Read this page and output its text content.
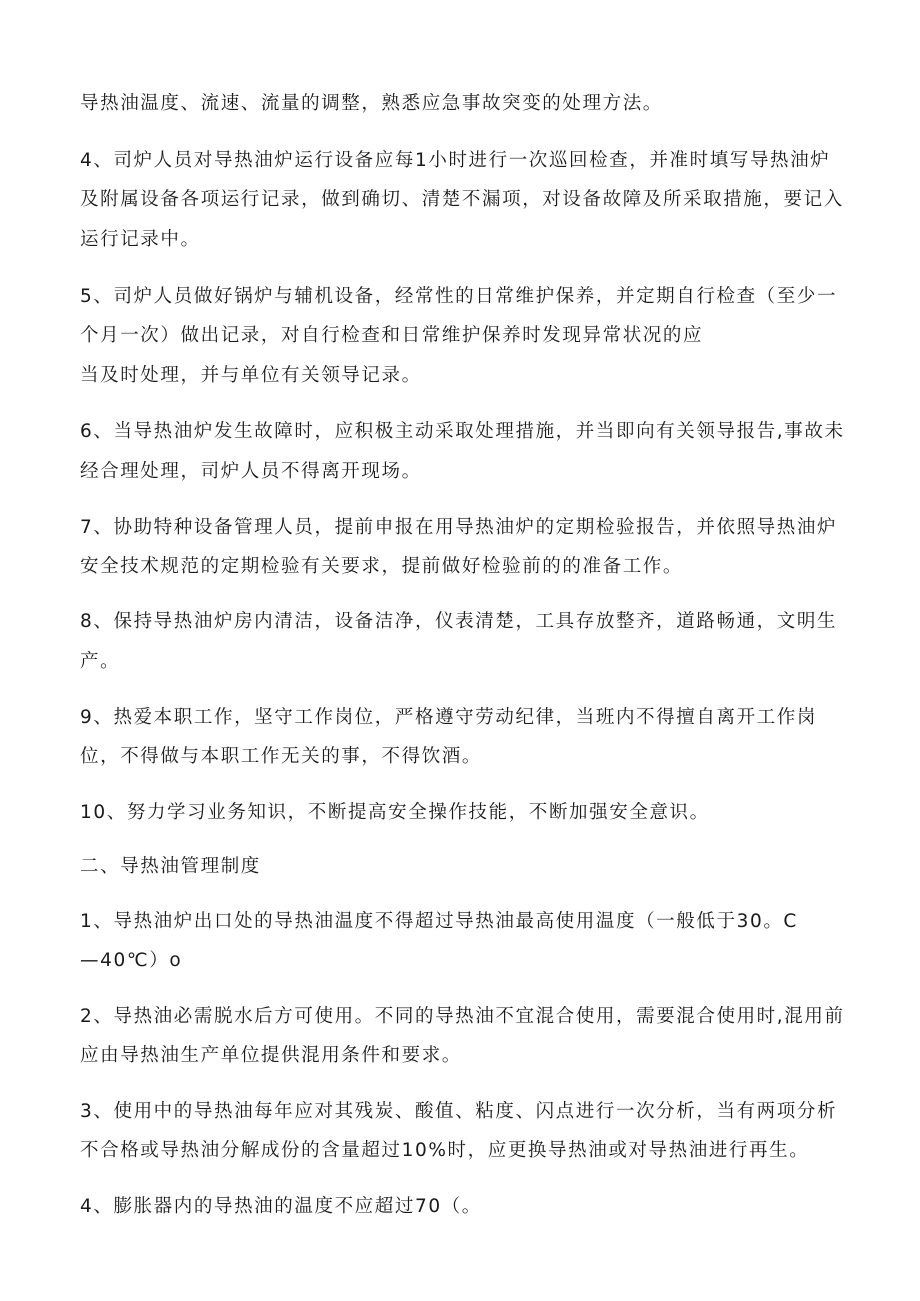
导热油温度、流速、流量的调整，熟悉应急事故突变的处理方法。
4、司炉人员对导热油炉运行设备应每1小时进行一次巡回检查，并准时填写导热油炉
及附属设备各项运行记录，做到确切、清楚不漏项，对设备故障及所采取措施，要记入
运行记录中。
5、司炉人员做好锅炉与辅机设备，经常性的日常维护保养，并定期自行检查（至少一
个月一次）做出记录，对自行检查和日常维护保养时发现异常状况的应
当及时处理，并与单位有关领导记录。
6、当导热油炉发生故障时，应积极主动采取处理措施，并当即向有关领导报告,事故未
经合理处理，司炉人员不得离开现场。
7、协助特种设备管理人员，提前申报在用导热油炉的定期检验报告，并依照导热油炉
安全技术规范的定期检验有关要求，提前做好检验前的的准备工作。
8、保持导热油炉房内清洁，设备洁净，仪表清楚，工具存放整齐，道路畅通，文明生
产。
9、热爱本职工作，坚守工作岗位，严格遵守劳动纪律，当班内不得擅自离开工作岗
位，不得做与本职工作无关的事，不得饮酒。
10、努力学习业务知识，不断提高安全操作技能，不断加强安全意识。
二、导热油管理制度
1、导热油炉出口处的导热油温度不得超过导热油最高使用温度（一般低于30。C
—40℃）o
2、导热油必需脱水后方可使用。不同的导热油不宜混合使用，需要混合使用时,混用前
应由导热油生产单位提供混用条件和要求。
3、使用中的导热油每年应对其残炭、酸值、粘度、闪点进行一次分析，当有两项分析
不合格或导热油分解成份的含量超过10%时，应更换导热油或对导热油进行再生。
4、膨胀器内的导热油的温度不应超过70（。
